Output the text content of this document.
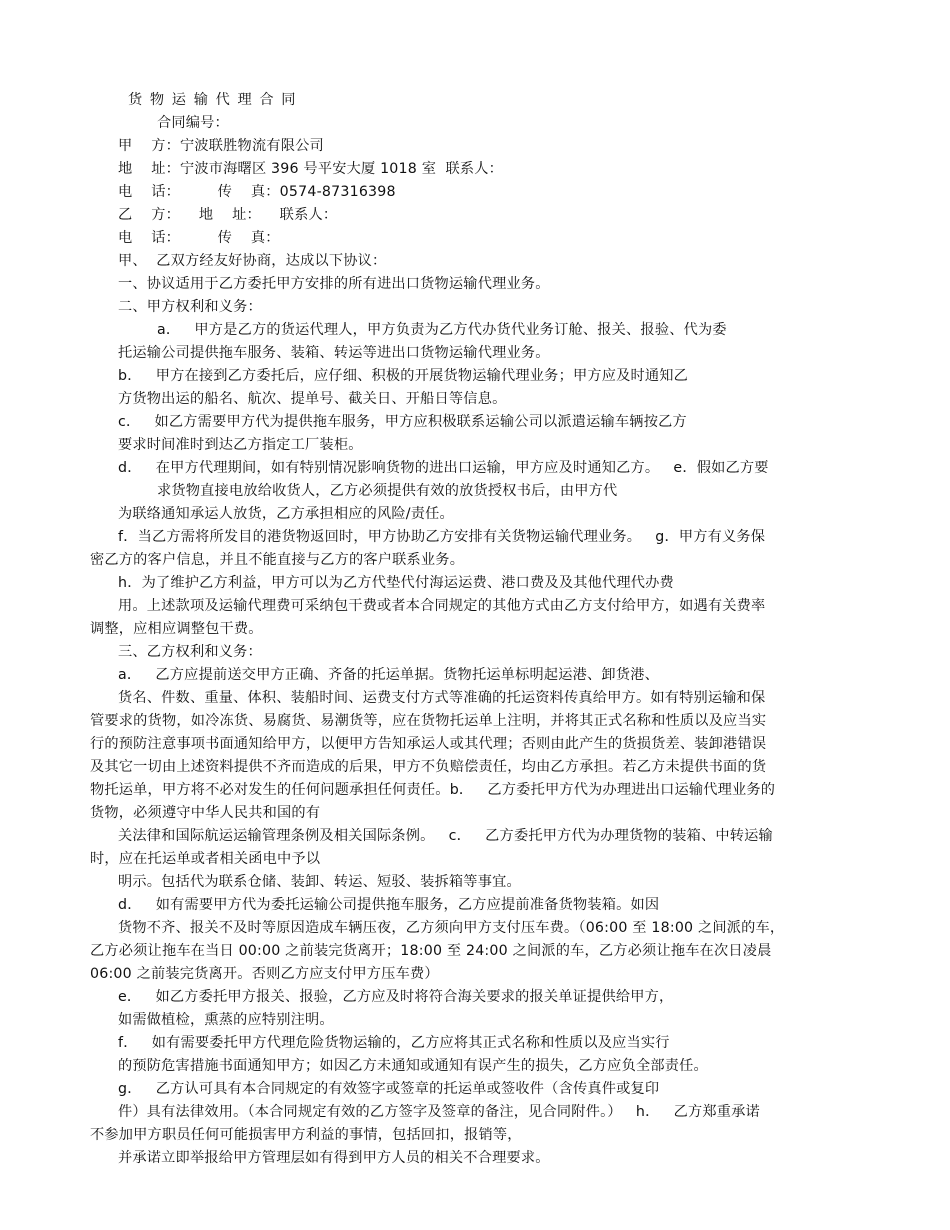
货 物 运 输 代 理 合 同
合同编号：
甲    方：宁波联胜物流有限公司
地    址：宁波市海曙区 396 号平安大厦 1018 室  联系人：
电    话：        传    真：0574-87316398
乙    方：    地    址：    联系人：
电    话：        传    真：
甲、  乙双方经友好协商，达成以下协议：
一、协议适用于乙方委托甲方安排的所有进出口货物运输代理业务。
二、甲方权利和义务：
a．   甲方是乙方的货运代理人，甲方负责为乙方代办货代业务订舱、报关、报验、代为委
托运输公司提供拖车服务、装箱、转运等进出口货物运输代理业务。
b．   甲方在接到乙方委托后，应仔细、积极的开展货物运输代理业务；甲方应及时通知乙
方货物出运的船名、航次、提单号、截关日、开船日等信息。
c．   如乙方需要甲方代为提供拖车服务，甲方应积极联系运输公司以派遣运输车辆按乙方
要求时间准时到达乙方指定工厂装柜。
d．   在甲方代理期间，如有特别情况影响货物的进出口运输，甲方应及时通知乙方。   e．假如乙方要
求货物直接电放给收货人，乙方必须提供有效的放货授权书后，由甲方代
为联络通知承运人放货，乙方承担相应的风险/责任。
f．当乙方需将所发目的港货物返回时，甲方协助乙方安排有关货物运输代理业务。   g．甲方有义务保
密乙方的客户信息，并且不能直接与乙方的客户联系业务。
h．为了维护乙方利益，甲方可以为乙方代垫代付海运运费、港口费及及其他代理代办费
用。上述款项及运输代理费可采纳包干费或者本合同规定的其他方式由乙方支付给甲方，如遇有关费率
调整，应相应调整包干费。
三、乙方权利和义务：
a．   乙方应提前送交甲方正确、齐备的托运单据。货物托运单标明起运港、卸货港、
货名、件数、重量、体积、装船时间、运费支付方式等准确的托运资料传真给甲方。如有特别运输和保
管要求的货物，如冷冻货、易腐货、易潮货等，应在货物托运单上注明，并将其正式名称和性质以及应当实
行的预防注意事项书面通知给甲方，以便甲方告知承运人或其代理；否则由此产生的货损货差、装卸港错误
及其它一切由上述资料提供不齐而造成的后果，甲方不负赔偿责任，均由乙方承担。若乙方未提供书面的货
物托运单，甲方将不必对发生的任何问题承担任何责任。b．   乙方委托甲方代为办理进出口运输代理业务的
货物，必须遵守中华人民共和国的有
关法律和国际航运运输管理条例及相关国际条例。   c．   乙方委托甲方代为办理货物的装箱、中转运输
时，应在托运单或者相关函电中予以
明示。包括代为联系仓储、装卸、转运、短驳、装拆箱等事宜。
d．   如有需要甲方代为委托运输公司提供拖车服务，乙方应提前准备货物装箱。如因
货物不齐、报关不及时等原因造成车辆压夜，乙方须向甲方支付压车费。（06:00 至 18:00 之间派的车，
乙方必须让拖车在当日 00:00 之前装完货离开；18:00 至 24:00 之间派的车，乙方必须让拖车在次日凌晨
06:00 之前装完货离开。否则乙方应支付甲方压车费）
e．   如乙方委托甲方报关、报验，乙方应及时将符合海关要求的报关单证提供给甲方，
如需做植检，熏蒸的应特别注明。
f．   如有需要委托甲方代理危险货物运输的，乙方应将其正式名称和性质以及应当实行
的预防危害措施书面通知甲方；如因乙方未通知或通知有误产生的损失，乙方应负全部责任。
g．   乙方认可具有本合同规定的有效签字或签章的托运单或签收件（含传真件或复印
件）具有法律效用。（本合同规定有效的乙方签字及签章的备注，见合同附件。）   h．   乙方郑重承诺
不参加甲方职员任何可能损害甲方利益的事情，包括回扣，报销等，
并承诺立即举报给甲方管理层如有得到甲方人员的相关不合理要求。
